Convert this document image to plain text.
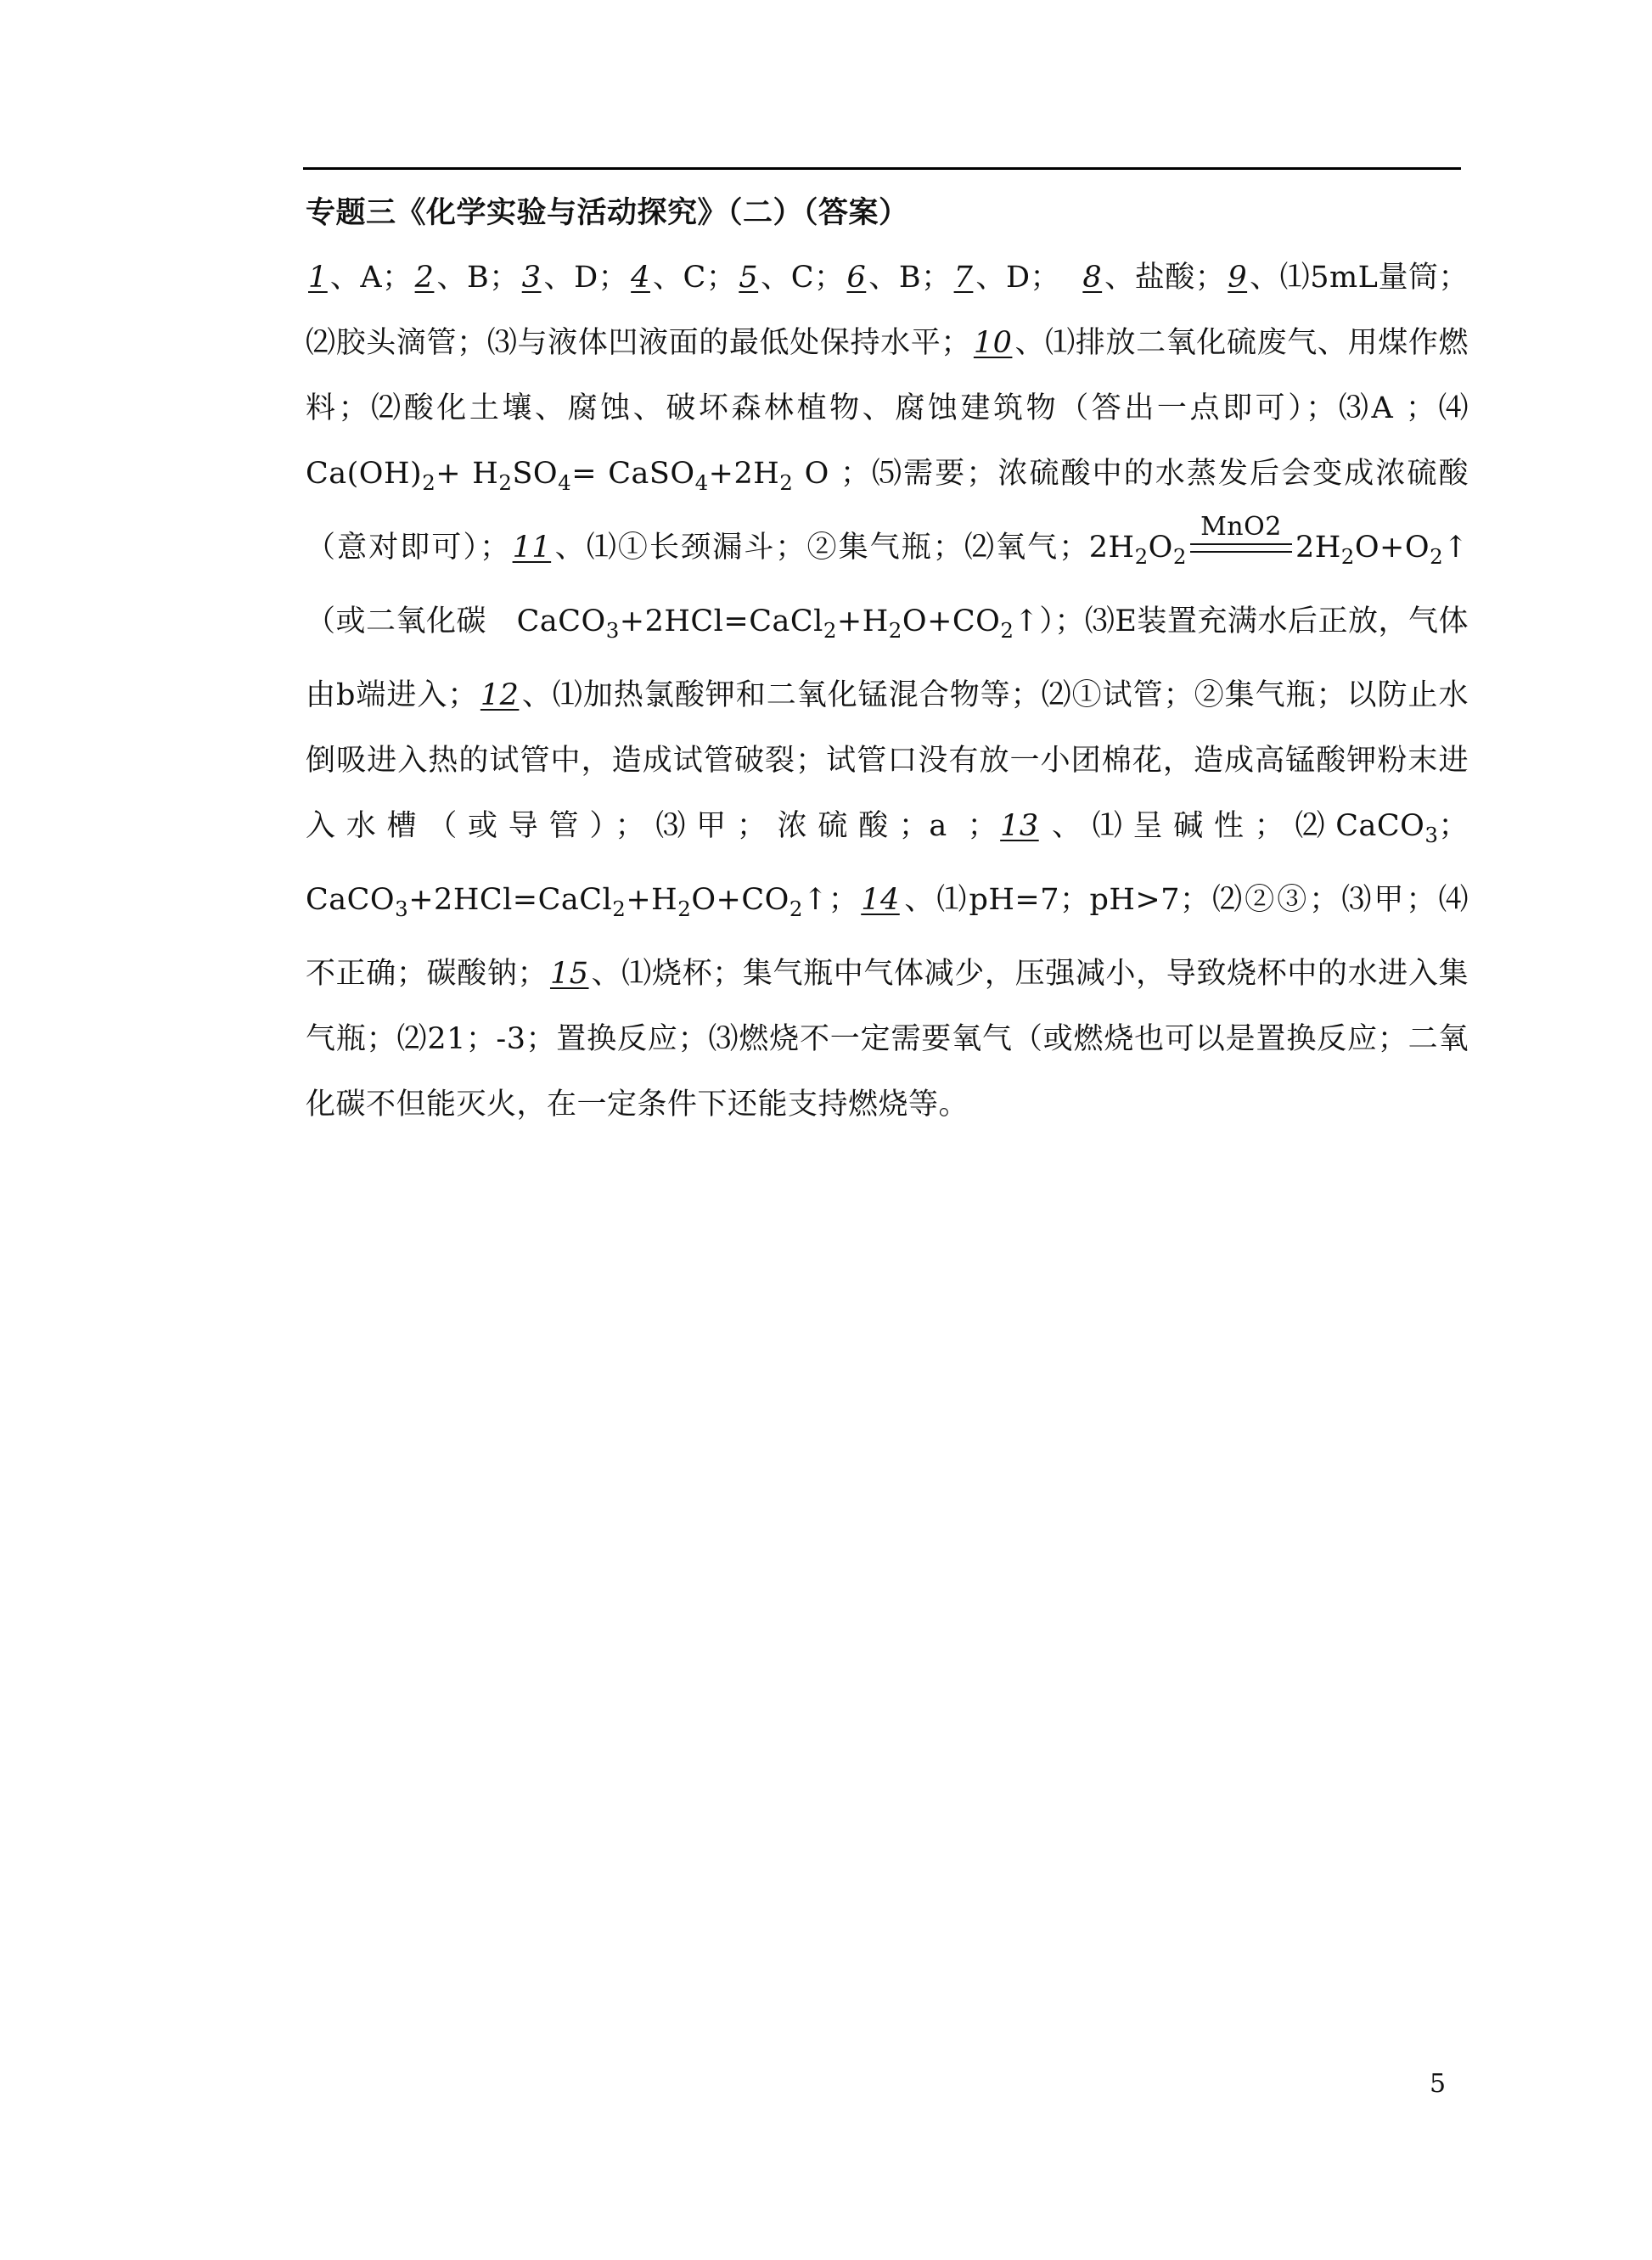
专题三《化学实验与活动探究》（二）（答案）
1、A；2、B；3、D；4、C；5、C；6、B；7、D； 8、盐酸；9、⑴5mL量筒；⑵胶头滴管；⑶与液体凹液面的最低处保持水平；10、⑴排放二氧化硫废气、用煤作燃料；⑵酸化土壤、腐蚀、破坏森林植物、腐蚀建筑物（答出一点即可）；⑶A ；⑷ $Ca(OH)_2+ H_2SO_4=$ $CaSO_4+2H_2$ O ；⑸需要；浓硫酸中的水蒸发后会变成浓硫酸（意对即可）；11、⑴①长颈漏斗；②集气瓶；⑵氧气；$2H_2O_2$
MnO2
$2H_2O+O_2↑$（或二氧化碳　$CaCO_3+2HCl=CaCl_2+H_2O+CO_2↑$）；⑶E装置充满水后正放，气体由b端进入；12、⑴加热氯酸钾和二氧化锰混合物等；⑵①试管；②集气瓶；以防止水倒吸进入热的试管中，造成试管破裂；试管口没有放一小团棉花，造成高锰酸钾粉末进入水槽（或导管）；⑶甲；浓硫酸；a ；13、⑴呈碱性；⑵CaCO$_3$；$CaCO_3+2HCl=CaCl_2+H_2O+CO_2↑$；14、⑴pH=7；pH>7；⑵②③；⑶甲；⑷不正确；碳酸钠；15、⑴烧杯；集气瓶中气体减少，压强减小，导致烧杯中的水进入集气瓶；⑵21；-3；置换反应；⑶燃烧不一定需要氧气（或燃烧也可以是置换反应；二氧化碳不但能灭火，在一定条件下还能支持燃烧等。
5
